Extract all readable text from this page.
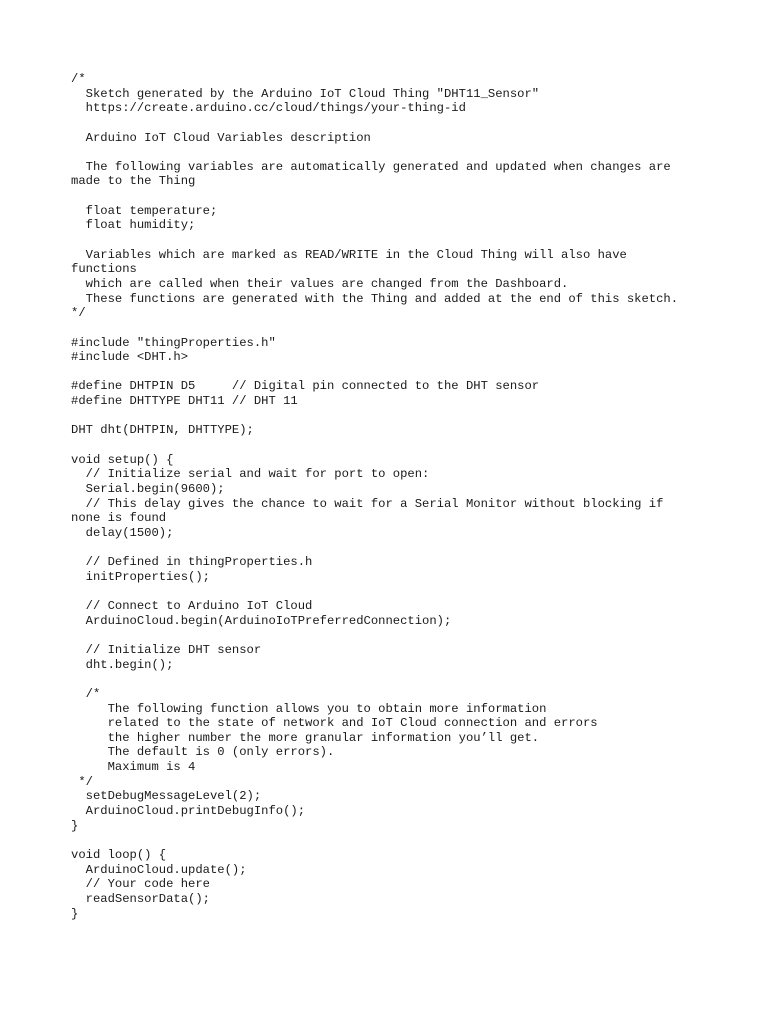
/*
Sketch generated by the Arduino IoT Cloud Thing "DHT11_Sensor"
https://create.arduino.cc/cloud/things/your-thing-id
Arduino IoT Cloud Variables description
The following variables are automatically generated and updated when changes are
made to the Thing
float temperature;
float humidity;
Variables which are marked as READ/WRITE in the Cloud Thing will also have
functions
which are called when their values are changed from the Dashboard.
These functions are generated with the Thing and added at the end of this sketch.
*/
#include "thingProperties.h"
#include <DHT.h>
#define DHTPIN D5     // Digital pin connected to the DHT sensor
#define DHTTYPE DHT11 // DHT 11
DHT dht(DHTPIN, DHTTYPE);
void setup() {
// Initialize serial and wait for port to open:
Serial.begin(9600);
// This delay gives the chance to wait for a Serial Monitor without blocking if
none is found
delay(1500);
// Defined in thingProperties.h
initProperties();
// Connect to Arduino IoT Cloud
ArduinoCloud.begin(ArduinoIoTPreferredConnection);
// Initialize DHT sensor
dht.begin();
/*
The following function allows you to obtain more information
related to the state of network and IoT Cloud connection and errors
the higher number the more granular information you’ll get.
The default is 0 (only errors).
Maximum is 4
*/
setDebugMessageLevel(2);
ArduinoCloud.printDebugInfo();
}
void loop() {
ArduinoCloud.update();
// Your code here
readSensorData();
}
